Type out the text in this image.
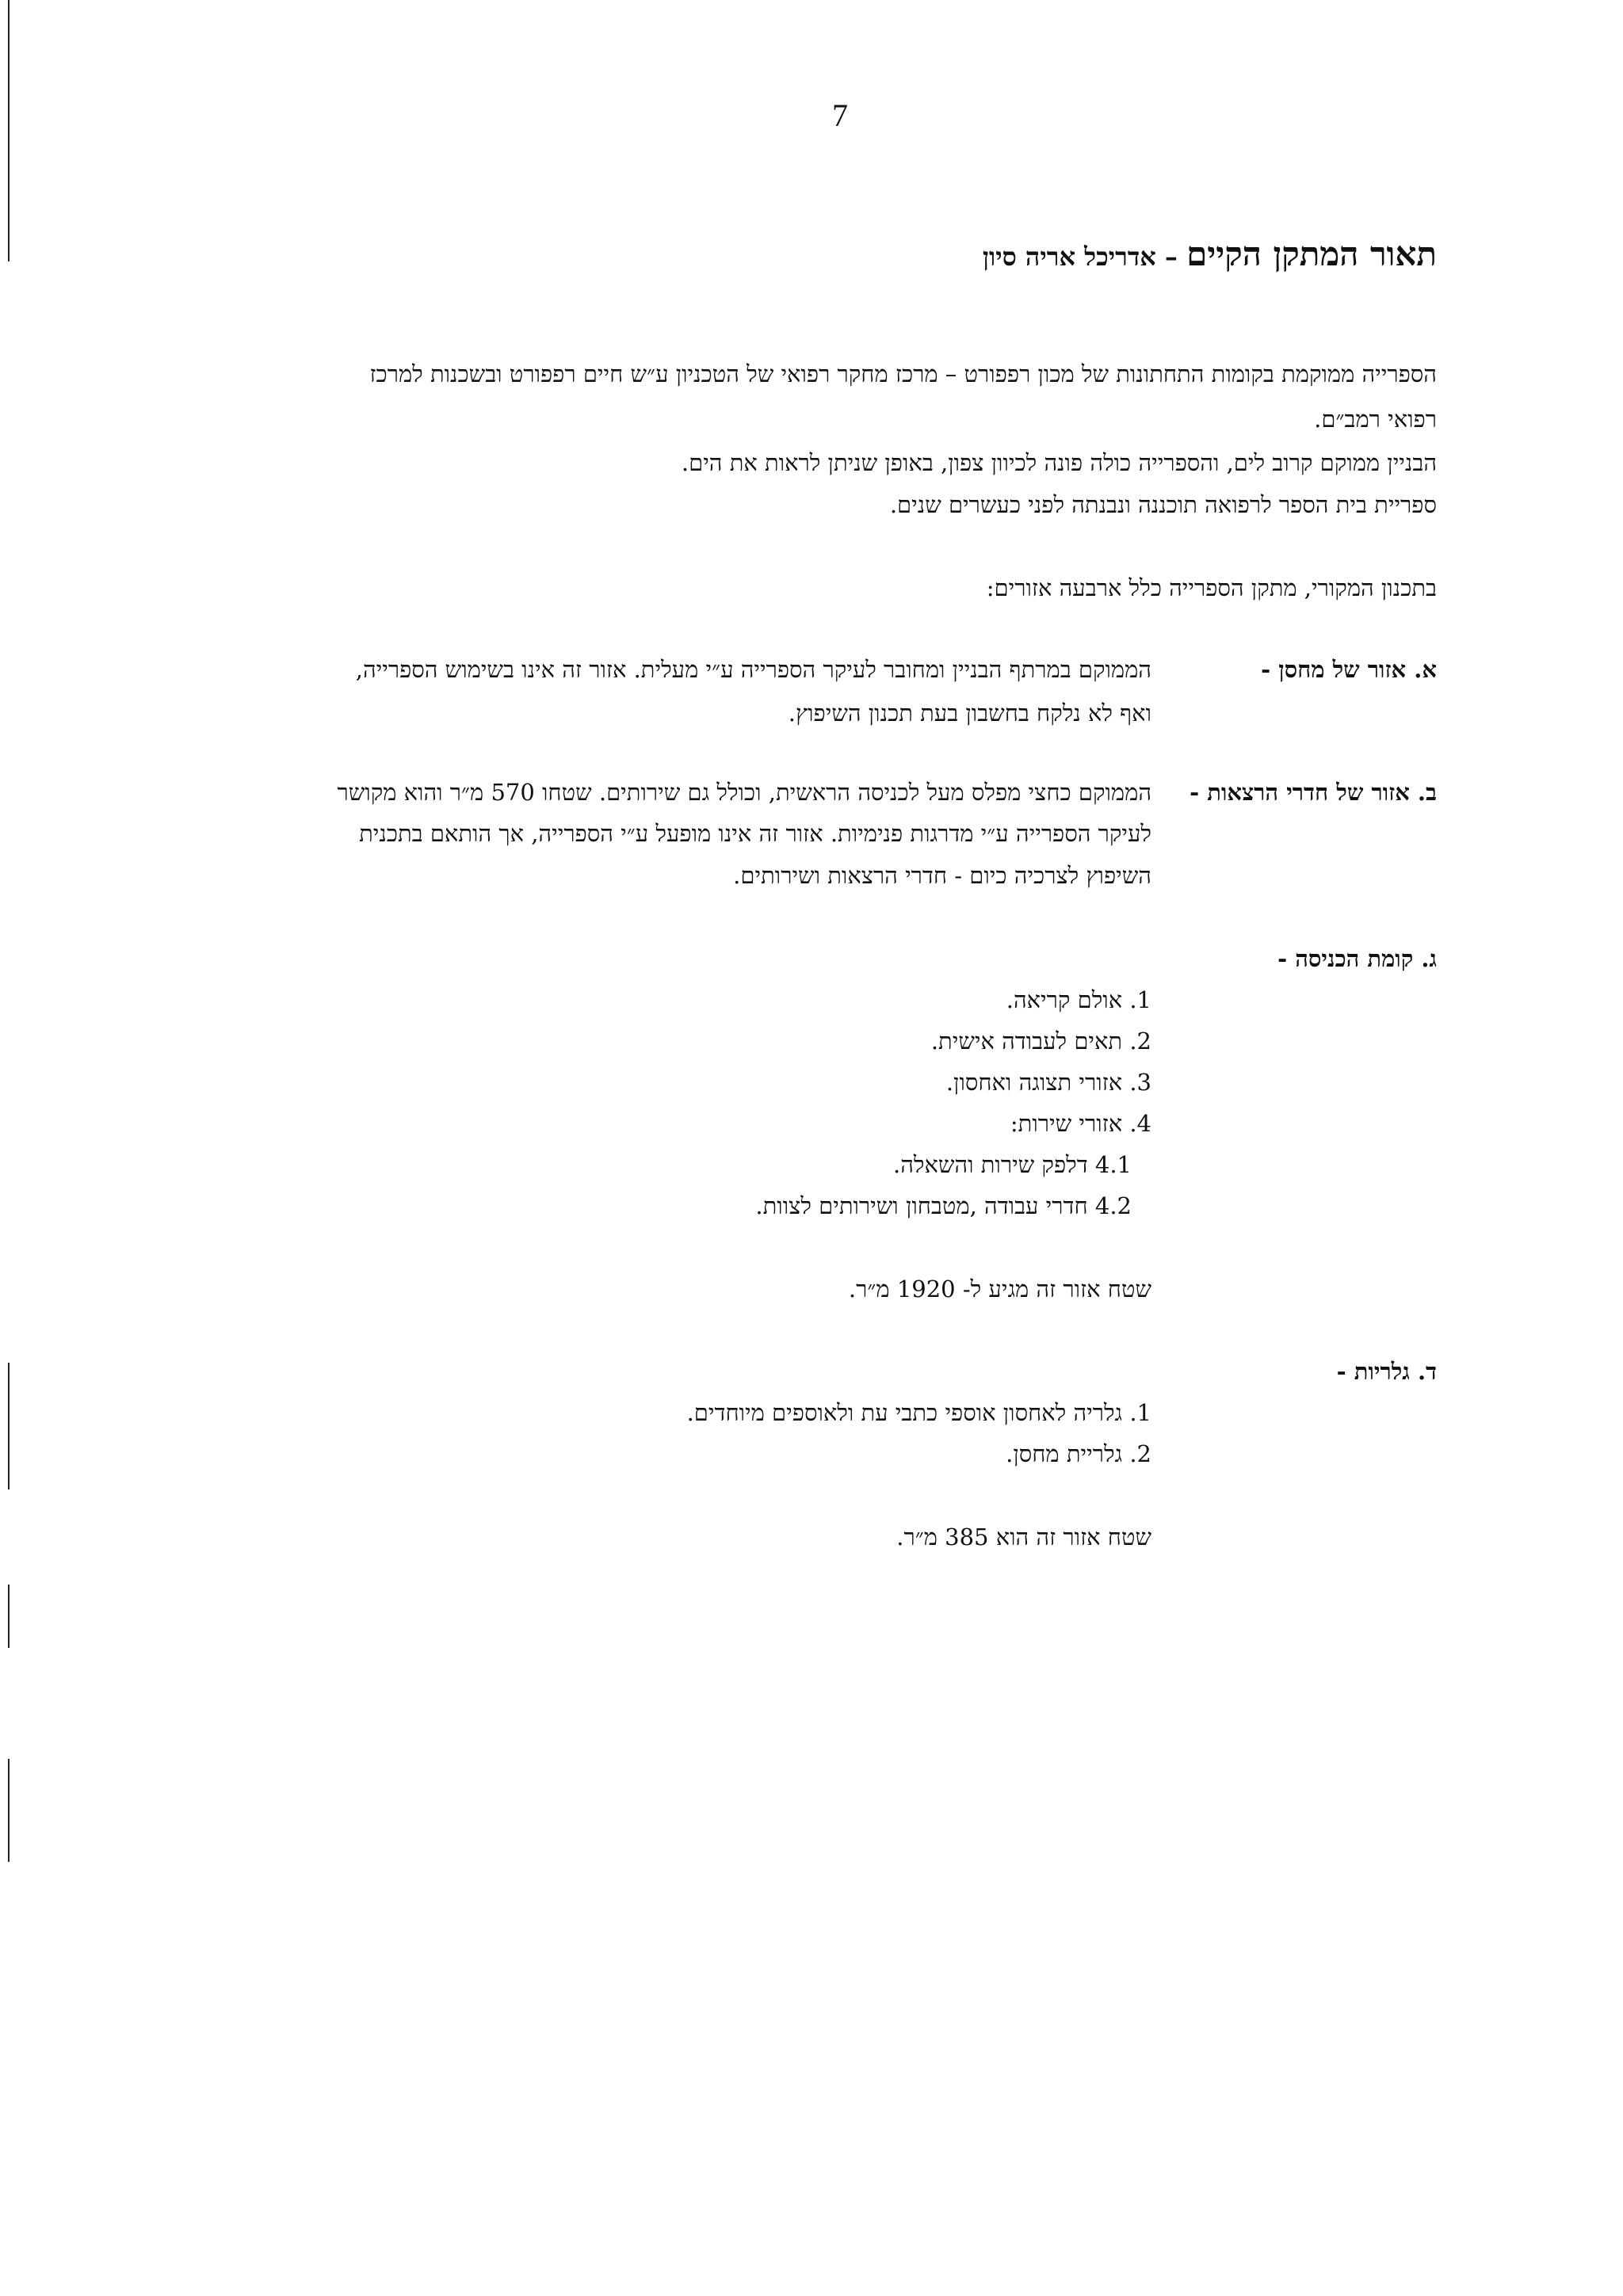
7
תאור המתקן הקיים – אדריכל אריה סיון
הספרייה ממוקמת בקומות התחתונות של מכון רפפורט – מרכז מחקר רפואי של הטכניון ע״ש חיים רפפורט ובשכנות למרכז
רפואי רמב״ם.
הבניין ממוקם קרוב לים, והספרייה כולה פונה לכיוון צפון, באופן שניתן לראות את הים.
ספריית בית הספר לרפואה תוכננה ונבנתה לפני כעשרים שנים.
בתכנון המקורי, מתקן הספרייה כלל ארבעה אזורים:
א. אזור של מחסן -
הממוקם במרתף הבניין ומחובר לעיקר הספרייה ע״י מעלית. אזור זה אינו בשימוש הספרייה,
ואף לא נלקח בחשבון בעת תכנון השיפוץ.
ב. אזור של חדרי הרצאות -
הממוקם כחצי מפלס מעל לכניסה הראשית, וכולל גם שירותים. שטחו 570 מ״ר והוא מקושר
לעיקר הספרייה ע״י מדרגות פנימיות. אזור זה אינו מופעל ע״י הספרייה, אך הותאם בתכנית
השיפוץ לצרכיה כיום - חדרי הרצאות ושירותים.
ג. קומת הכניסה -
1. אולם קריאה.
2. תאים לעבודה אישית.
3. אזורי תצוגה ואחסון.
4. אזורי שירות:
4.1 דלפק שירות והשאלה.
4.2 חדרי עבודה ,מטבחון ושירותים לצוות.
שטח אזור זה מגיע ל- 1920 מ״ר.
ד. גלריות -
1. גלריה לאחסון אוספי כתבי עת ולאוספים מיוחדים.
2. גלריית מחסן.
שטח אזור זה הוא 385 מ״ר.
